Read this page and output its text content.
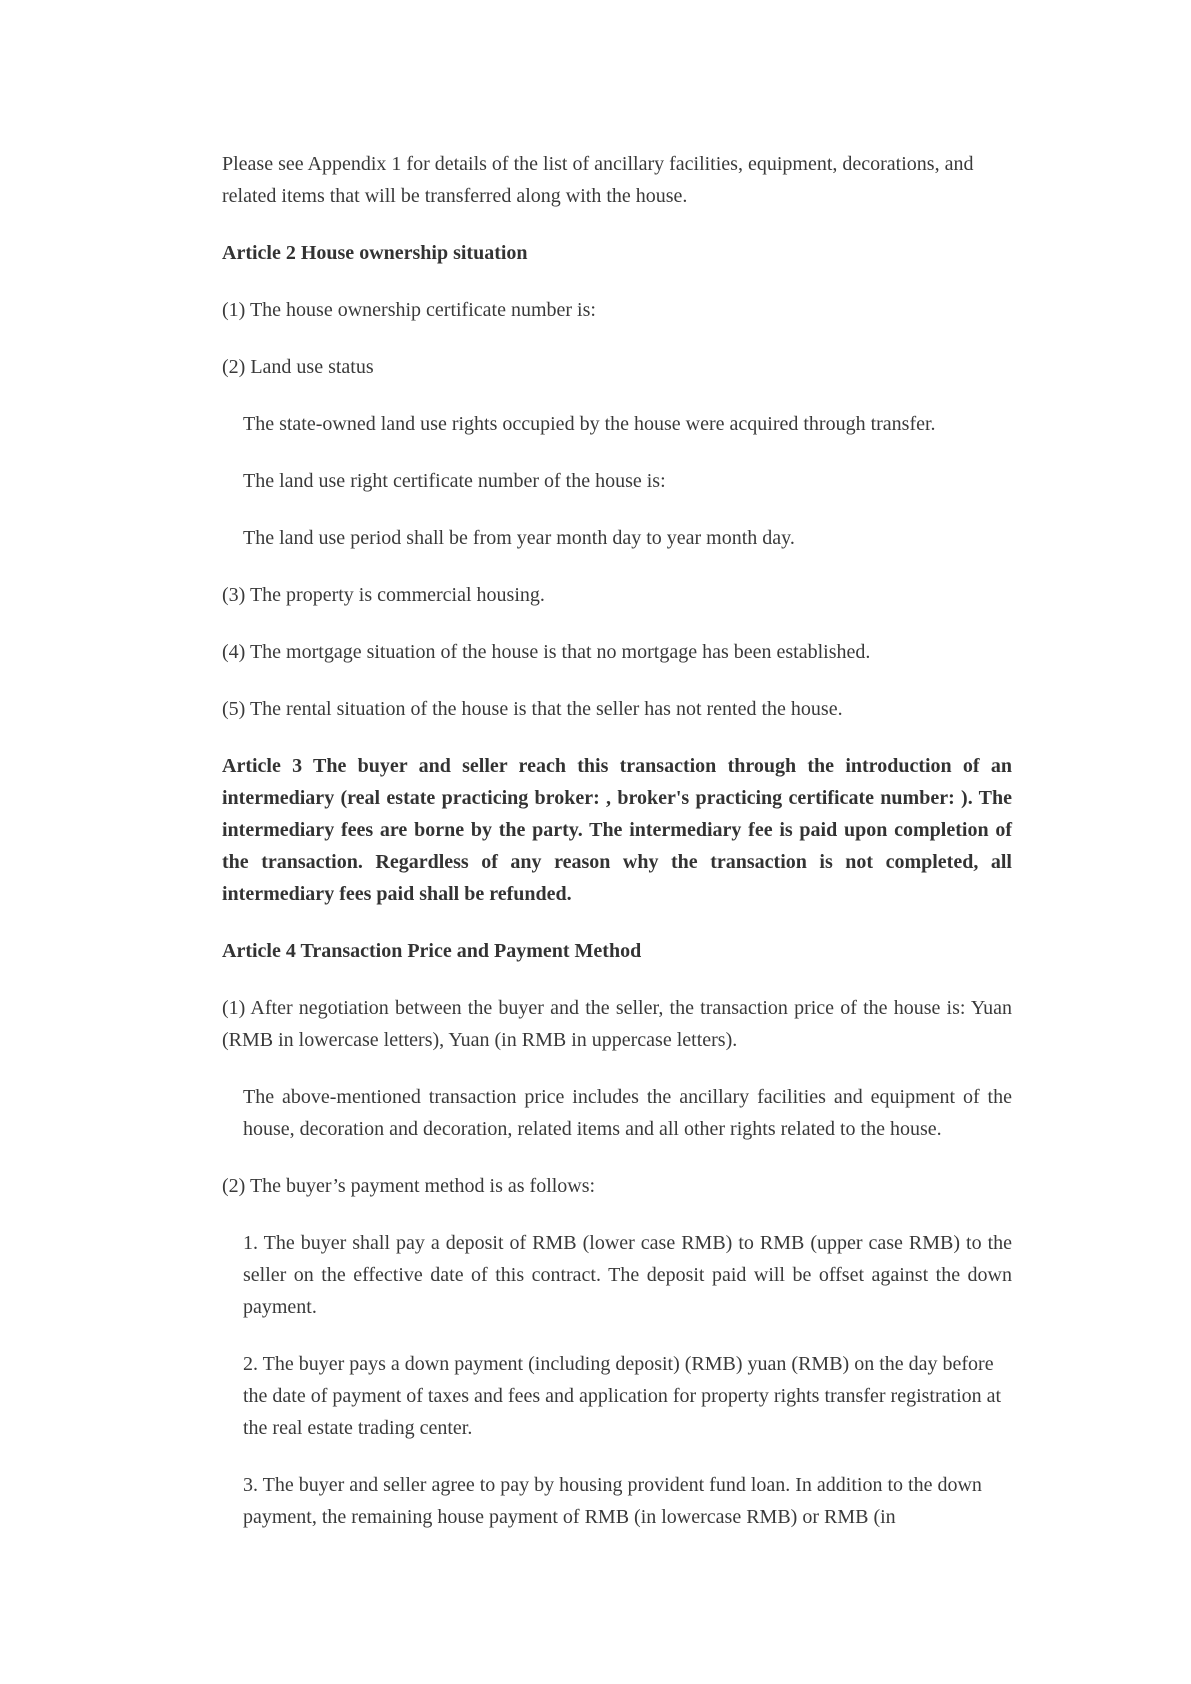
Please see Appendix 1 for details of the list of ancillary facilities, equipment, decorations, and related items that will be transferred along with the house.

Article 2 House ownership situation

(1) The house ownership certificate number is:

(2) Land use status

The state-owned land use rights occupied by the house were acquired through transfer.

The land use right certificate number of the house is:

The land use period shall be from year month day to year month day.

(3) The property is commercial housing.

(4) The mortgage situation of the house is that no mortgage has been established.

(5) The rental situation of the house is that the seller has not rented the house.

Article 3 The buyer and seller reach this transaction through the introduction of an intermediary (real estate practicing broker: , broker's practicing certificate number: ). The intermediary fees are borne by the party. The intermediary fee is paid upon completion of the transaction. Regardless of any reason why the transaction is not completed, all intermediary fees paid shall be refunded.

Article 4 Transaction Price and Payment Method

(1) After negotiation between the buyer and the seller, the transaction price of the house is: Yuan (RMB in lowercase letters), Yuan (in RMB in uppercase letters).

The above-mentioned transaction price includes the ancillary facilities and equipment of the house, decoration and decoration, related items and all other rights related to the house.

(2) The buyer’s payment method is as follows:

1. The buyer shall pay a deposit of RMB (lower case RMB) to RMB (upper case RMB) to the seller on the effective date of this contract. The deposit paid will be offset against the down payment.

2. The buyer pays a down payment (including deposit) (RMB) yuan (RMB) on the day before the date of payment of taxes and fees and application for property rights transfer registration at the real estate trading center.

3. The buyer and seller agree to pay by housing provident fund loan. In addition to the down payment, the remaining house payment of RMB (in lowercase RMB) or RMB (in
